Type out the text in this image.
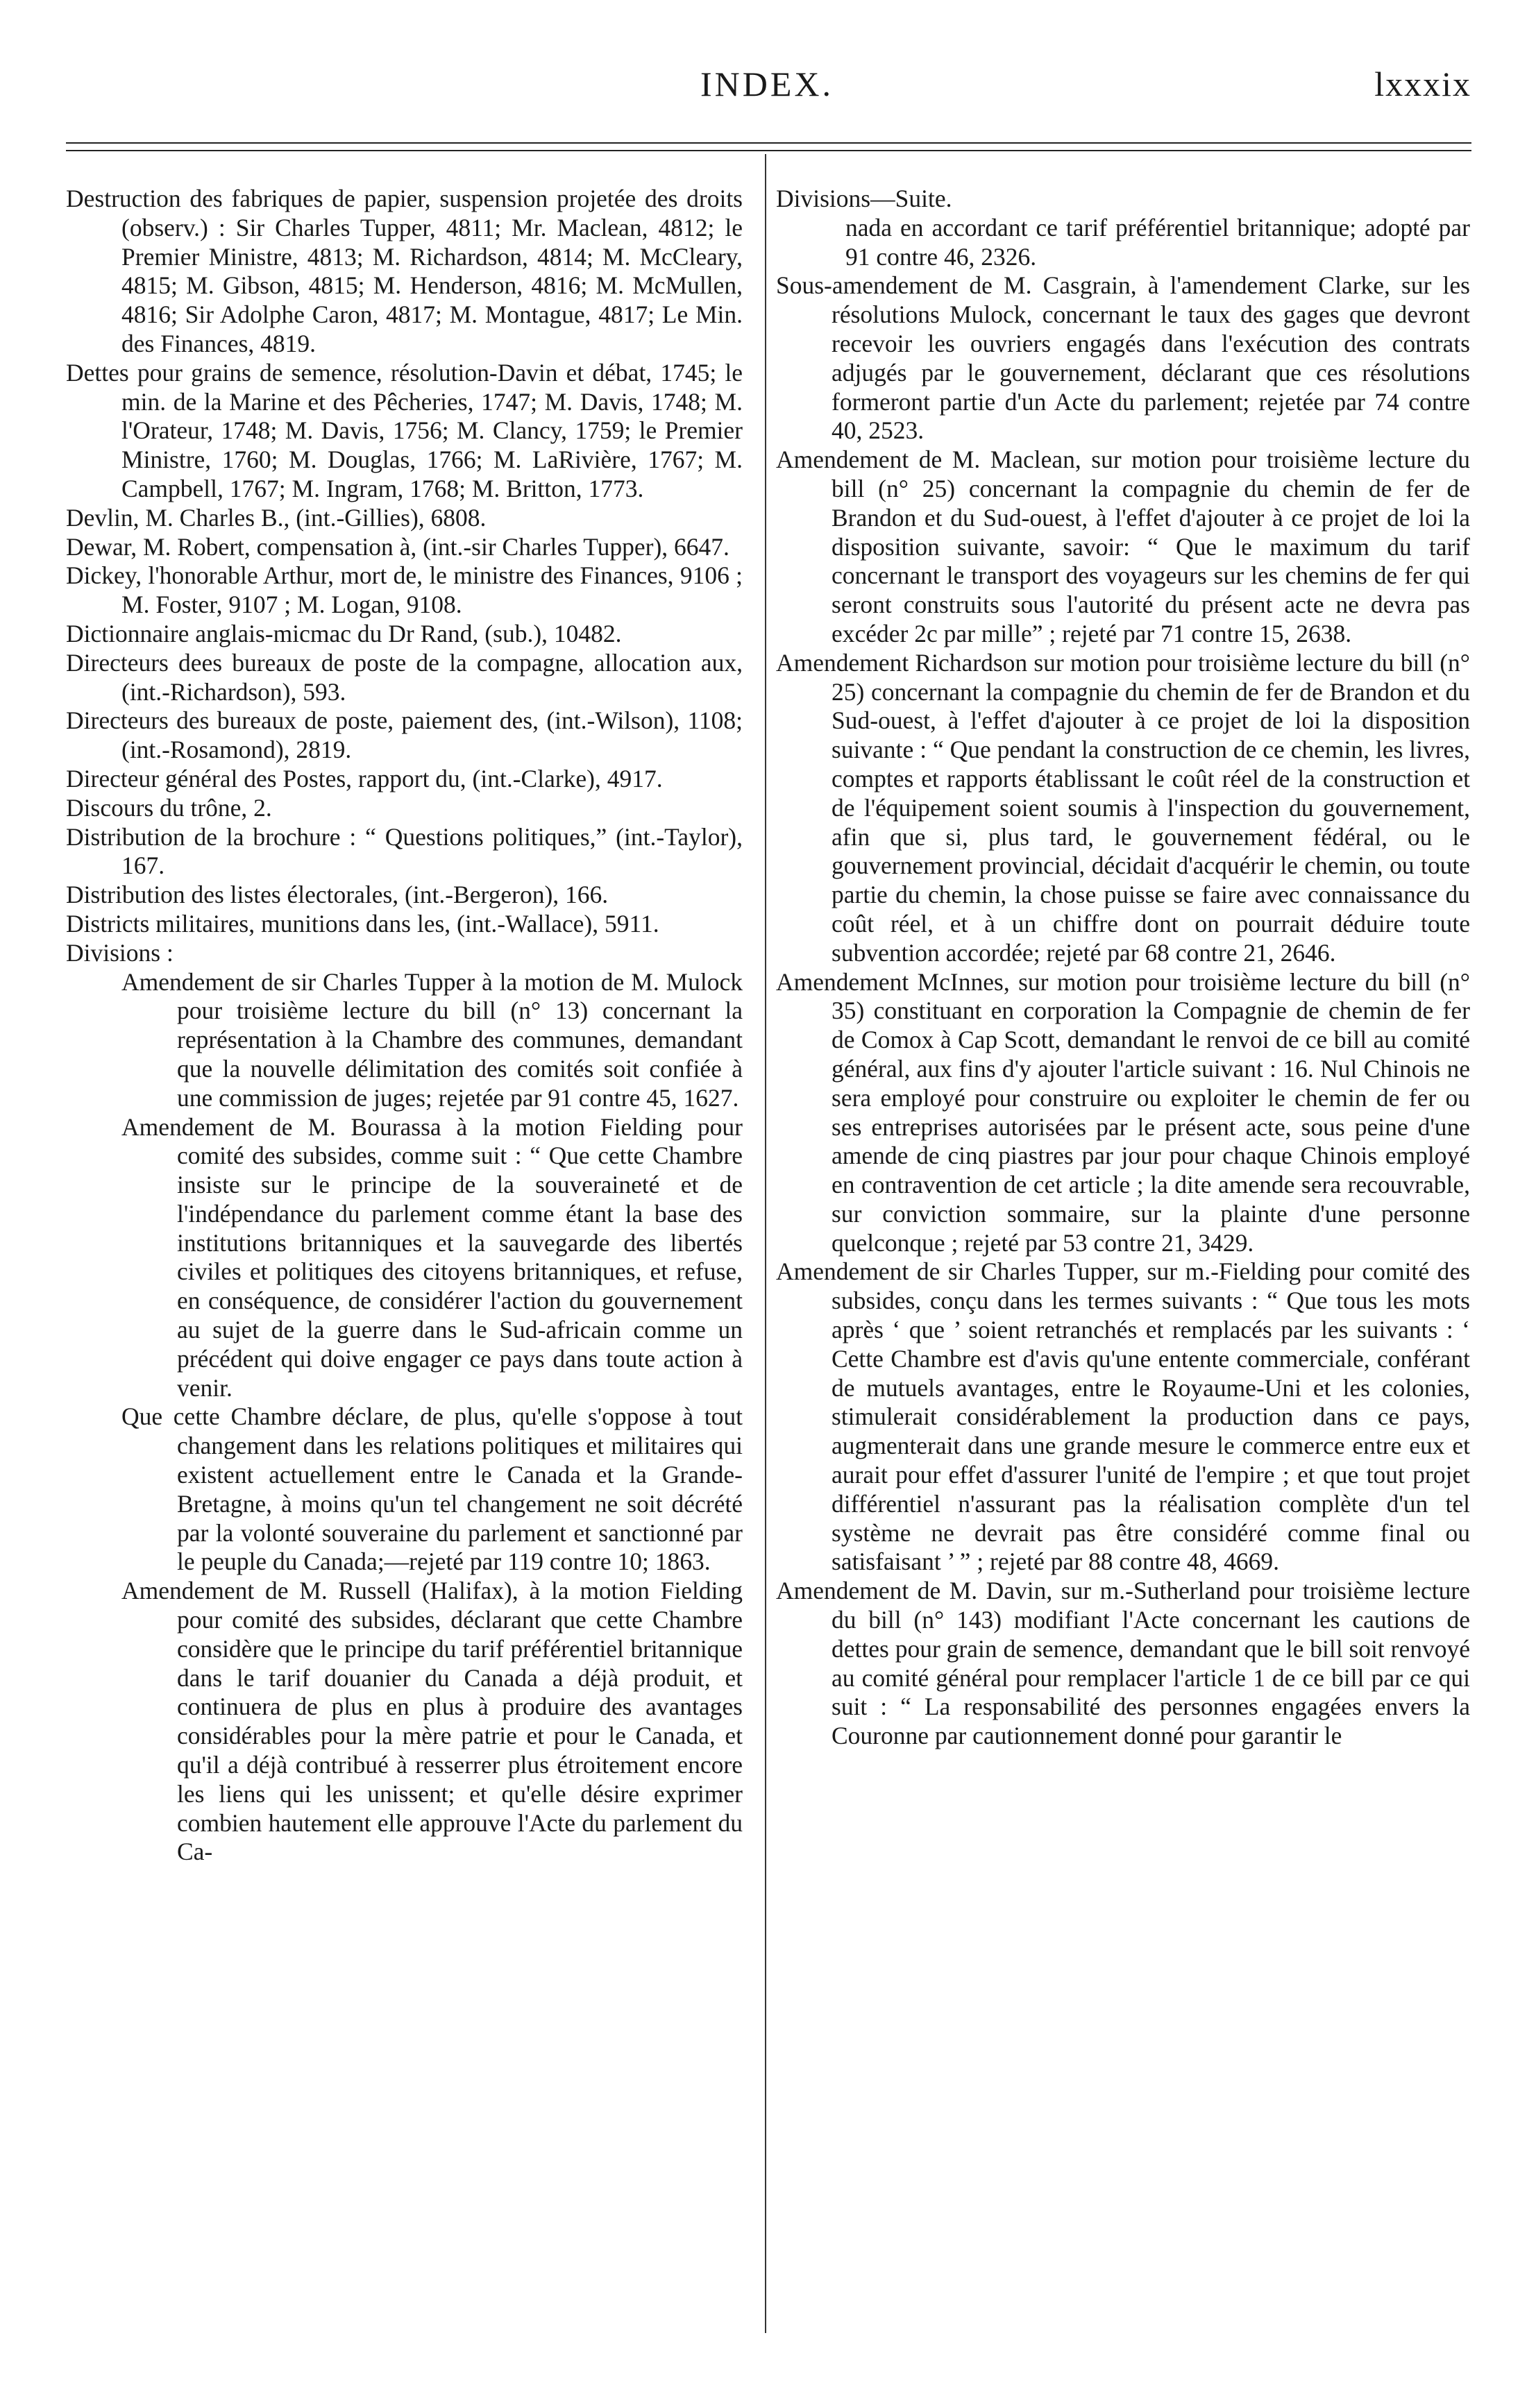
INDEX.	lxxxix

Destruction des fabriques de papier, suspension projetée des droits (observ.) : Sir Charles Tupper, 4811; Mr. Maclean, 4812; le Premier Ministre, 4813; M. Richardson, 4814; M. McCleary, 4815; M. Gibson, 4815; M. Henderson, 4816; M. McMullen, 4816; Sir Adolphe Caron, 4817; M. Montague, 4817; Le Min. des Finances, 4819.

Dettes pour grains de semence, résolution-Davin et débat, 1745; le min. de la Marine et des Pêcheries, 1747; M. Davis, 1748; M. l'Orateur, 1748; M. Davis, 1756; M. Clancy, 1759; le Premier Ministre, 1760; M. Douglas, 1766; M. LaRivière, 1767; M. Campbell, 1767; M. Ingram, 1768; M. Britton, 1773.

Devlin, M. Charles B., (int.-Gillies), 6808.

Dewar, M. Robert, compensation à, (int.-sir Charles Tupper), 6647.

Dickey, l'honorable Arthur, mort de, le ministre des Finances, 9106 ; M. Foster, 9107 ; M. Logan, 9108.

Dictionnaire anglais-micmac du Dr Rand, (sub.), 10482.

Directeurs dees bureaux de poste de la compagne, allocation aux, (int.-Richardson), 593.

Directeurs des bureaux de poste, paiement des, (int.-Wilson), 1108; (int.-Rosamond), 2819.

Directeur général des Postes, rapport du, (int.-Clarke), 4917.

Discours du trône, 2.

Distribution de la brochure : “ Questions politiques,” (int.-Taylor), 167.

Distribution des listes électorales, (int.-Bergeron), 166.

Districts militaires, munitions dans les, (int.-Wallace), 5911.

Divisions :

Amendement de sir Charles Tupper à la motion de M. Mulock pour troisième lecture du bill (n° 13) concernant la représentation à la Chambre des communes, demandant que la nouvelle délimitation des comités soit confiée à une commission de juges; rejetée par 91 contre 45, 1627.

Amendement de M. Bourassa à la motion Fielding pour comité des subsides, comme suit : “ Que cette Chambre insiste sur le principe de la souveraineté et de l'indépendance du parlement comme étant la base des institutions britanniques et la sauvegarde des libertés civiles et politiques des citoyens britanniques, et refuse, en conséquence, de considérer l'action du gouvernement au sujet de la guerre dans le Sud-africain comme un précédent qui doive engager ce pays dans toute action à venir.

Que cette Chambre déclare, de plus, qu'elle s'oppose à tout changement dans les relations politiques et militaires qui existent actuellement entre le Canada et la Grande-Bretagne, à moins qu'un tel changement ne soit décrété par la volonté souveraine du parlement et sanctionné par le peuple du Canada;—rejeté par 119 contre 10; 1863.

Amendement de M. Russell (Halifax), à la motion Fielding pour comité des subsides, déclarant que cette Chambre considère que le principe du tarif préférentiel britannique dans le tarif douanier du Canada a déjà produit, et continuera de plus en plus à produire des avantages considérables pour la mère patrie et pour le Canada, et qu'il a déjà contribué à resserrer plus étroitement encore les liens qui les unissent; et qu'elle désire exprimer combien hautement elle approuve l'Acte du parlement du Ca-

Divisions—Suite.

nada en accordant ce tarif préférentiel britannique; adopté par 91 contre 46, 2326.

Sous-amendement de M. Casgrain, à l'amendement Clarke, sur les résolutions Mulock, concernant le taux des gages que devront recevoir les ouvriers engagés dans l'exécution des contrats adjugés par le gouvernement, déclarant que ces résolutions formeront partie d'un Acte du parlement; rejetée par 74 contre 40, 2523.

Amendement de M. Maclean, sur motion pour troisième lecture du bill (n° 25) concernant la compagnie du chemin de fer de Brandon et du Sud-ouest, à l'effet d'ajouter à ce projet de loi la disposition suivante, savoir: “ Que le maximum du tarif concernant le transport des voyageurs sur les chemins de fer qui seront construits sous l'autorité du présent acte ne devra pas excéder 2c par mille” ; rejeté par 71 contre 15, 2638.

Amendement Richardson sur motion pour troisième lecture du bill (n° 25) concernant la compagnie du chemin de fer de Brandon et du Sud-ouest, à l'effet d'ajouter à ce projet de loi la disposition suivante : “ Que pendant la construction de ce chemin, les livres, comptes et rapports établissant le coût réel de la construction et de l'équipement soient soumis à l'inspection du gouvernement, afin que si, plus tard, le gouvernement fédéral, ou le gouvernement provincial, décidait d'acquérir le chemin, ou toute partie du chemin, la chose puisse se faire avec connaissance du coût réel, et à un chiffre dont on pourrait déduire toute subvention accordée; rejeté par 68 contre 21, 2646.

Amendement McInnes, sur motion pour troisième lecture du bill (n° 35) constituant en corporation la Compagnie de chemin de fer de Comox à Cap Scott, demandant le renvoi de ce bill au comité général, aux fins d'y ajouter l'article suivant : 16. Nul Chinois ne sera employé pour construire ou exploiter le chemin de fer ou ses entreprises autorisées par le présent acte, sous peine d'une amende de cinq piastres par jour pour chaque Chinois employé en contravention de cet article ; la dite amende sera recouvrable, sur conviction sommaire, sur la plainte d'une personne quelconque ; rejeté par 53 contre 21, 3429.

Amendement de sir Charles Tupper, sur m.-Fielding pour comité des subsides, conçu dans les termes suivants : “ Que tous les mots après ‘ que ’ soient retranchés et remplacés par les suivants : ‘ Cette Chambre est d'avis qu'une entente commerciale, conférant de mutuels avantages, entre le Royaume-Uni et les colonies, stimulerait considérablement la production dans ce pays, augmenterait dans une grande mesure le commerce entre eux et aurait pour effet d'assurer l'unité de l'empire ; et que tout projet différentiel n'assurant pas la réalisation complète d'un tel système ne devrait pas être considéré comme final ou satisfaisant ’ ” ; rejeté par 88 contre 48, 4669.

Amendement de M. Davin, sur m.-Sutherland pour troisième lecture du bill (n° 143) modifiant l'Acte concernant les cautions de dettes pour grain de semence, demandant que le bill soit renvoyé au comité général pour remplacer l'article 1 de ce bill par ce qui suit : “ La responsabilité des personnes engagées envers la Couronne par cautionnement donné pour garantir le
